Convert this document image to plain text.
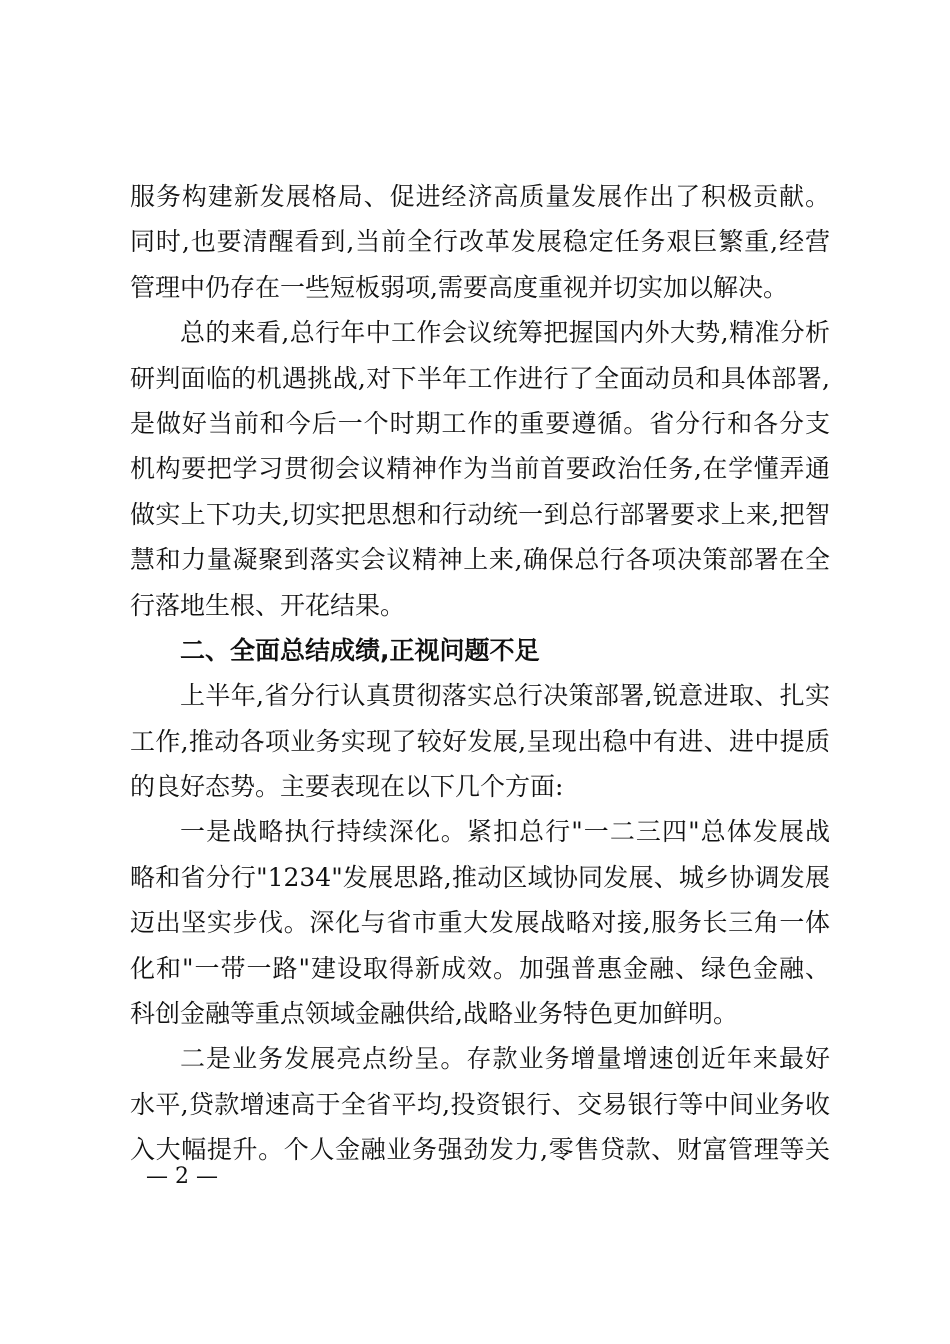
服务构建新发展格局、促进经济高质量发展作出了积极贡献。
同时,也要清醒看到,当前全行改革发展稳定任务艰巨繁重,经营
管理中仍存在一些短板弱项,需要高度重视并切实加以解决。
总的来看,总行年中工作会议统筹把握国内外大势,精准分析
研判面临的机遇挑战,对下半年工作进行了全面动员和具体部署,
是做好当前和今后一个时期工作的重要遵循。省分行和各分支
机构要把学习贯彻会议精神作为当前首要政治任务,在学懂弄通
做实上下功夫,切实把思想和行动统一到总行部署要求上来,把智
慧和力量凝聚到落实会议精神上来,确保总行各项决策部署在全
行落地生根、开花结果。
二、全面总结成绩,正视问题不足
上半年,省分行认真贯彻落实总行决策部署,锐意进取、扎实
工作,推动各项业务实现了较好发展,呈现出稳中有进、进中提质
的良好态势。主要表现在以下几个方面:
一是战略执行持续深化。紧扣总行"一二三四"总体发展战
略和省分行"1234"发展思路,推动区域协同发展、城乡协调发展
迈出坚实步伐。深化与省市重大发展战略对接,服务长三角一体
化和"一带一路"建设取得新成效。加强普惠金融、绿色金融、
科创金融等重点领域金融供给,战略业务特色更加鲜明。
二是业务发展亮点纷呈。存款业务增量增速创近年来最好
水平,贷款增速高于全省平均,投资银行、交易银行等中间业务收
入大幅提升。个人金融业务强劲发力,零售贷款、财富管理等关
— 2 —
